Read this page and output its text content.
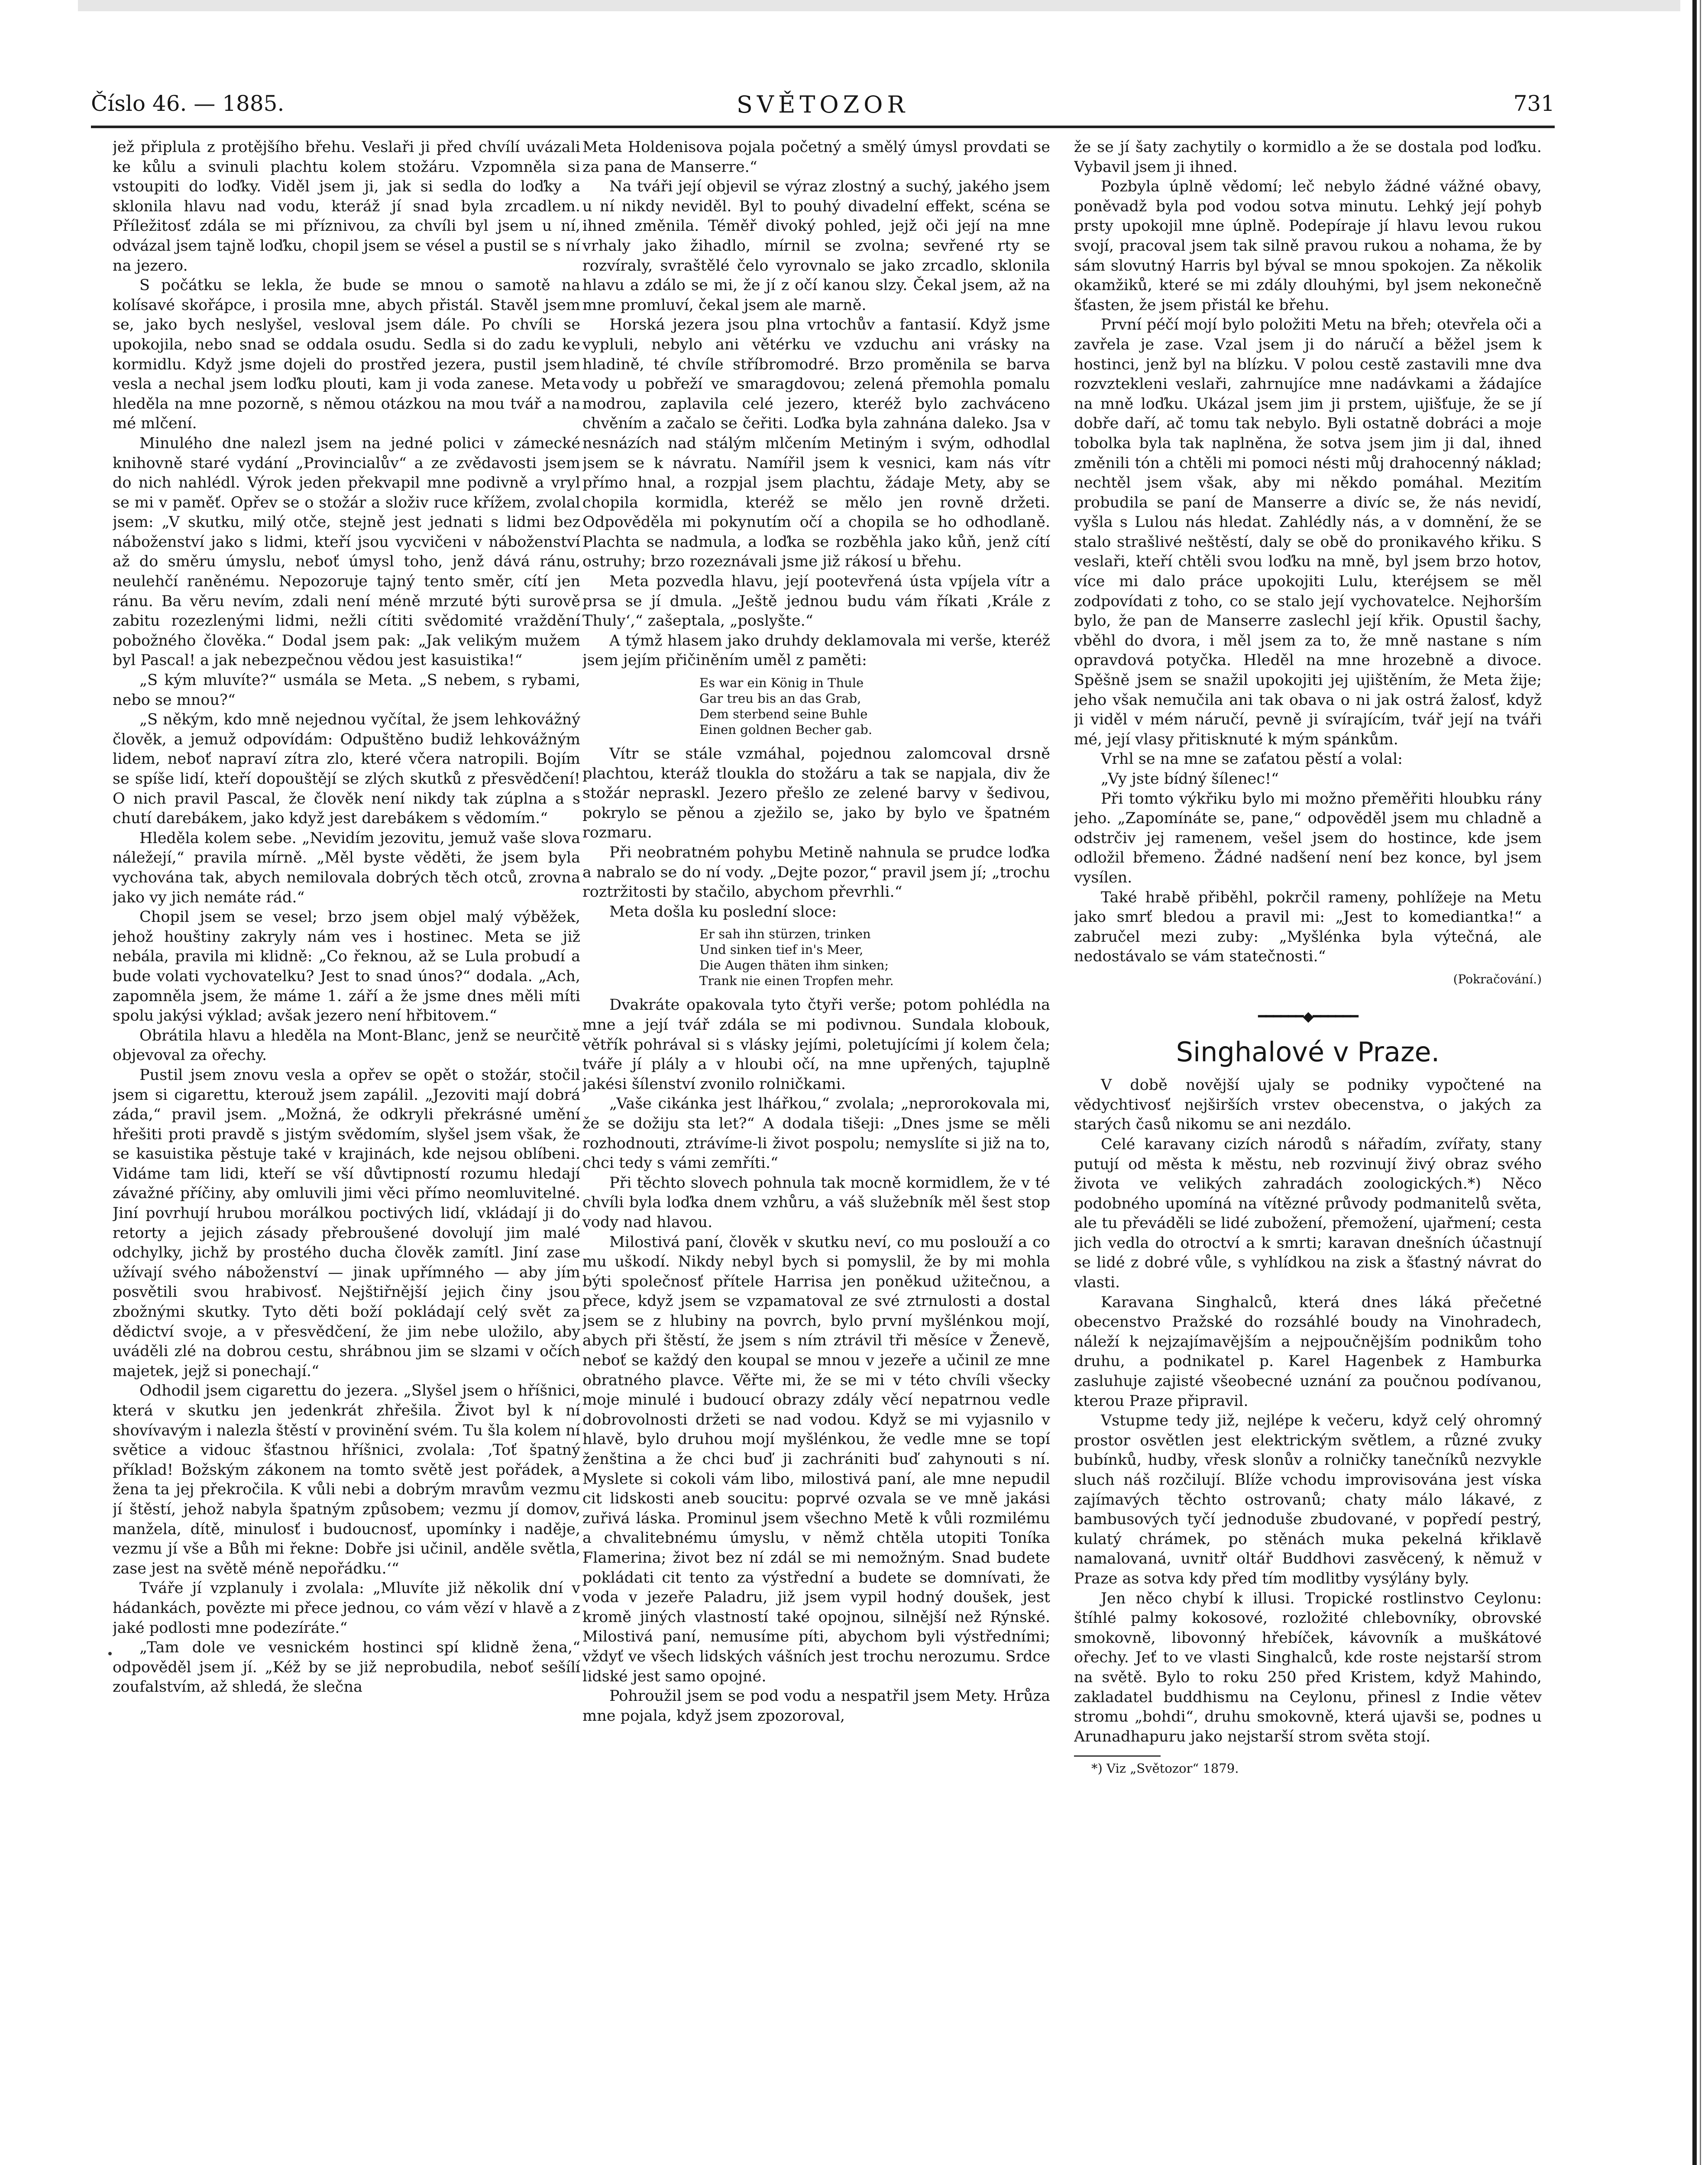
SVĚTOZOR
Číslo 46. — 1885.	731

jež připlula z protějšího břehu. Veslaři ji před chvílí uvázali ke kůlu a svinuli plachtu kolem stožáru. Vzpomněla si vstoupiti do loďky. Viděl jsem ji, jak si sedla do loďky a sklonila hlavu nad vodu, kteráž jí snad byla zrcadlem. Příležitosť zdála se mi příznivou, za chvíli byl jsem u ní, odvázal jsem tajně loďku, chopil jsem se vésel a pustil se s ní na jezero.

S počátku se lekla, že bude se mnou o samotě na kolísavé skořápce, i prosila mne, abych přistál. Stavěl jsem se, jako bych neslyšel, vesloval jsem dále. Po chvíli se upokojila, nebo snad se oddala osudu. Sedla si do zadu ke kormidlu. Když jsme dojeli do prostřed jezera, pustil jsem vesla a nechal jsem loďku plouti, kam ji voda zanese. Meta hleděla na mne pozorně, s němou otázkou na mou tvář a na mé mlčení.

Minulého dne nalezl jsem na jedné polici v zámecké knihovně staré vydání „Provincialův“ a ze zvědavosti jsem do nich nahlédl. Výrok jeden překvapil mne podivně a vryl se mi v paměť. Opřev se o stožár a složiv ruce křížem, zvolal jsem: „V skutku, milý otče, stejně jest jednati s lidmi bez náboženství jako s lidmi, kteří jsou vycvičeni v náboženství až do směru úmyslu, neboť úmysl toho, jenž dává ránu, neulehčí raněnému. Nepozoruje tajný tento směr, cítí jen ránu. Ba věru nevím, zdali není méně mrzuté býti surově zabitu rozezlenými lidmi, nežli cítiti svědomité vraždění pobožného člověka.“ Dodal jsem pak: „Jak velikým mužem byl Pascal! a jak nebezpečnou vědou jest kasuistika!“

„S kým mluvíte?“ usmála se Meta. „S nebem, s rybami, nebo se mnou?“

„S někým, kdo mně nejednou vyčítal, že jsem lehkovážný člověk, a jemuž odpovídám: Odpuštěno budiž lehkovážným lidem, neboť napraví zítra zlo, které včera natropili. Bojím se spíše lidí, kteří dopouštějí se zlých skutků z přesvědčení! O nich pravil Pascal, že člověk není nikdy tak zúplna a s chutí darebákem, jako když jest darebákem s vědomím.“

Hleděla kolem sebe. „Nevidím jezovitu, jemuž vaše slova náležejí,“ pravila mírně. „Měl byste věděti, že jsem byla vychována tak, abych nemilovala dobrých těch otců, zrovna jako vy jich nemáte rád.“

Chopil jsem se vesel; brzo jsem objel malý výběžek, jehož houštiny zakryly nám ves i hostinec. Meta se již nebála, pravila mi klidně: „Co řeknou, až se Lula probudí a bude volati vychovatelku? Jest to snad únos?“ dodala. „Ach, zapomněla jsem, že máme 1. září a že jsme dnes měli míti spolu jakýsi výklad; avšak jezero není hřbitovem.“

Obrátila hlavu a hleděla na Mont-Blanc, jenž se neurčitě objevoval za ořechy.

Pustil jsem znovu vesla a opřev se opět o stožár, stočil jsem si cigarettu, kterouž jsem zapálil. „Jezoviti mají dobrá záda,“ pravil jsem. „Možná, že odkryli překrásné umění hřešiti proti pravdě s jistým svědomím, slyšel jsem však, že se kasuistika pěstuje také v krajinách, kde nejsou oblíbeni. Vidáme tam lidi, kteří se vší důvtipností rozumu hledají závažné příčiny, aby omluvili jimi věci přímo neomluvitelné. Jiní povrhují hrubou morálkou poctivých lidí, vkládají ji do retorty a jejich zásady přebroušené dovolují jim malé odchylky, jichž by prostého ducha člověk zamítl. Jiní zase užívají svého náboženství — jinak upřímného — aby jím posvětili svou hrabivosť. Nejštiřnější jejich činy jsou zbožnými skutky. Tyto děti boží pokládají celý svět za dědictví svoje, a v přesvědčení, že jim nebe uložilo, aby uváděli zlé na dobrou cestu, shrábnou jim se slzami v očích majetek, jejž si ponechají.“

Odhodil jsem cigarettu do jezera. „Slyšel jsem o hříšnici, která v skutku jen jedenkrát zhřešila. Život byl k ní shovívavým i nalezla štěstí v provinění svém. Tu šla kolem ní světice a vidouc šťastnou hříšnici, zvolala: ‚Toť špatný příklad! Božským zákonem na tomto světě jest pořádek, a žena ta jej překročila. K vůli nebi a dobrým mravům vezmu jí štěstí, jehož nabyla špatným způsobem; vezmu jí domov, manžela, dítě, minulosť i budoucnosť, upomínky i naděje, vezmu jí vše a Bůh mi řekne: Dobře jsi učinil, anděle světla, zase jest na světě méně nepořádku.‘“

Tváře jí vzplanuly i zvolala: „Mluvíte již několik dní v hádankách, povězte mi přece jednou, co vám vězí v hlavě a z jaké podlosti mne podezíráte.“

„Tam dole ve vesnickém hostinci spí klidně žena,“ odpověděl jsem jí. „Kéž by se již neprobudila, neboť sešílí zoufalstvím, až shledá, že slečna

Meta Holdenisova pojala početný a smělý úmysl provdati se za pana de Manserre.“

Na tváři její objevil se výraz zlostný a suchý, jakého jsem u ní nikdy neviděl. Byl to pouhý divadelní effekt, scéna se ihned změnila. Téměř divoký pohled, jejž oči její na mne vrhaly jako žihadlo, mírnil se zvolna; sevřené rty se rozvíraly, svraštělé čelo vyrovnalo se jako zrcadlo, sklonila hlavu a zdálo se mi, že jí z očí kanou slzy. Čekal jsem, až na mne promluví, čekal jsem ale marně.

Horská jezera jsou plna vrtochův a fantasií. Když jsme vypluli, nebylo ani větérku ve vzduchu ani vrásky na hladině, té chvíle stříbromodré. Brzo proměnila se barva vody u pobřeží ve smaragdovou; zelená přemohla pomalu modrou, zaplavila celé jezero, kteréž bylo zachváceno chvěním a začalo se čeřiti. Loďka byla zahnána daleko. Jsa v nesnázích nad stálým mlčením Metiným i svým, odhodlal jsem se k návratu. Namířil jsem k vesnici, kam nás vítr přímo hnal, a rozpjal jsem plachtu, žádaje Mety, aby se chopila kormidla, kteréž se mělo jen rovně držeti. Odpověděla mi pokynutím očí a chopila se ho odhodlaně. Plachta se nadmula, a loďka se rozběhla jako kůň, jenž cítí ostruhy; brzo rozeznávali jsme již rákosí u břehu.

Meta pozvedla hlavu, její pootevřená ústa vpíjela vítr a prsa se jí dmula. „Ještě jednou budu vám říkati ‚Krále z Thuly‘,“ zašeptala, „poslyšte.“

A týmž hlasem jako druhdy deklamovala mi verše, kteréž jsem jejím přičiněním uměl z paměti:

Es war ein König in Thule
Gar treu bis an das Grab,
Dem sterbend seine Buhle
Einen goldnen Becher gab.

Vítr se stále vzmáhal, pojednou zalomcoval drsně plachtou, kteráž tloukla do stožáru a tak se napjala, div že stožár nepraskl. Jezero přešlo ze zelené barvy v šedivou, pokrylo se pěnou a zježilo se, jako by bylo ve špatném rozmaru.

Při neobratném pohybu Metině nahnula se prudce loďka a nabralo se do ní vody. „Dejte pozor,“ pravil jsem jí; „trochu roztržitosti by stačilo, abychom převrhli.“

Meta došla ku poslední sloce:

Er sah ihn stürzen, trinken
Und sinken tief in's Meer,
Die Augen thäten ihm sinken;
Trank nie einen Tropfen mehr.

Dvakráte opakovala tyto čtyři verše; potom pohlédla na mne a její tvář zdála se mi podivnou. Sundala klobouk, větřík pohrával si s vlásky jejími, poletujícími jí kolem čela; tváře jí plály a v hloubi očí, na mne upřených, tajuplně jakési šílenství zvonilo rolničkami.

„Vaše cikánka jest lhářkou,“ zvolala; „neprorokovala mi, že se dožiju sta let?“ A dodala tišeji: „Dnes jsme se měli rozhodnouti, ztrávíme-li život pospolu; nemyslíte si již na to, chci tedy s vámi zemříti.“

Při těchto slovech pohnula tak mocně kormidlem, že v té chvíli byla loďka dnem vzhůru, a váš služebník měl šest stop vody nad hlavou.

Milostivá paní, člověk v skutku neví, co mu poslouží a co mu uškodí. Nikdy nebyl bych si pomyslil, že by mi mohla býti společnosť přítele Harrisa jen poněkud užitečnou, a přece, když jsem se vzpamatoval ze své ztrnulosti a dostal jsem se z hlubiny na povrch, bylo první myšlénkou mojí, abych při štěstí, že jsem s ním ztrávil tři měsíce v Ženevě, neboť se každý den koupal se mnou v jezeře a učinil ze mne obratného plavce. Věřte mi, že se mi v této chvíli všecky moje minulé i budoucí obrazy zdály věcí nepatrnou vedle dobrovolnosti držeti se nad vodou. Když se mi vyjasnilo v hlavě, bylo druhou mojí myšlénkou, že vedle mne se topí ženština a že chci buď ji zachrániti buď zahynouti s ní. Myslete si cokoli vám libo, milostivá paní, ale mne nepudil cit lidskosti aneb soucitu: poprvé ozvala se ve mně jakási zuřivá láska. Prominul jsem všechno Metě k vůli rozmilému a chvalitebnému úmyslu, v němž chtěla utopiti Toníka Flamerina; život bez ní zdál se mi nemožným. Snad budete pokládati cit tento za výstřední a budete se domnívati, že voda v jezeře Paladru, již jsem vypil hodný doušek, jest kromě jiných vlastností také opojnou, silnější než Rýnské. Milostivá paní, nemusíme píti, abychom byli výstředními; vždyť ve všech lidských vášních jest trochu nerozumu. Srdce lidské jest samo opojné.

Pohroužil jsem se pod vodu a nespatřil jsem Mety. Hrůza mne pojala, když jsem zpozoroval,

že se jí šaty zachytily o kormidlo a že se dostala pod loďku. Vybavil jsem ji ihned.

Pozbyla úplně vědomí; leč nebylo žádné vážné obavy, poněvadž byla pod vodou sotva minutu. Lehký její pohyb prsty upokojil mne úplně. Podepíraje jí hlavu levou rukou svojí, pracoval jsem tak silně pravou rukou a nohama, že by sám slovutný Harris byl býval se mnou spokojen. Za několik okamžiků, které se mi zdály dlouhými, byl jsem nekonečně šťasten, že jsem přistál ke břehu.

První péčí mojí bylo položiti Metu na břeh; otevřela oči a zavřela je zase. Vzal jsem ji do náručí a běžel jsem k hostinci, jenž byl na blízku. V polou cestě zastavili mne dva rozvztekleni veslaři, zahrnujíce mne nadávkami a žádajíce na mně loďku. Ukázal jsem jim ji prstem, ujišťuje, že se jí dobře daří, ač tomu tak nebylo. Byli ostatně dobráci a moje tobolka byla tak naplněna, že sotva jsem jim ji dal, ihned změnili tón a chtěli mi pomoci nésti můj drahocenný náklad; nechtěl jsem však, aby mi někdo pomáhal. Mezitím probudila se paní de Manserre a divíc se, že nás nevidí, vyšla s Lulou nás hledat. Zahlédly nás, a v domnění, že se stalo strašlivé neštěstí, daly se obě do pronikavého křiku. S veslaři, kteří chtěli svou loďku na mně, byl jsem brzo hotov, více mi dalo práce upokojiti Lulu, kteréjsem se měl zodpovídati z toho, co se stalo její vychovatelce. Nejhorším bylo, že pan de Manserre zaslechl její křik. Opustil šachy, vběhl do dvora, i měl jsem za to, že mně nastane s ním opravdová potyčka. Hleděl na mne hrozebně a divoce. Spěšně jsem se snažil upokojiti jej ujištěním, že Meta žije; jeho však nemučila ani tak obava o ni jak ostrá žalosť, když ji viděl v mém náručí, pevně ji svírajícím, tvář její na tváři mé, její vlasy přitisknuté k mým spánkům.

Vrhl se na mne se zaťatou pěstí a volal:

„Vy jste bídný šílenec!“

Při tomto výkřiku bylo mi možno přeměřiti hloubku rány jeho. „Zapomínáte se, pane,“ odpověděl jsem mu chladně a odstrčiv jej ramenem, vešel jsem do hostince, kde jsem odložil břemeno. Žádné nadšení není bez konce, byl jsem vysílen.

Také hrabě přiběhl, pokrčil rameny, pohlížeje na Metu jako smrť bledou a pravil mi: „Jest to komediantka!“ a zabručel mezi zuby: „Myšlénka byla výtečná, ale nedostávalo se vám statečnosti.“

(Pokračování.)
━━━━━━◆━━━━━━
Singhalové v Praze.

V době novější ujaly se podniky vypočtené na vědychtivosť nejširších vrstev obecenstva, o jakých za starých časů nikomu se ani nezdálo.

Celé karavany cizích národů s nářadím, zvířaty, stany putují od města k městu, neb rozvinují živý obraz svého života ve velikých zahradách zoologických.*) Něco podobného upomíná na vítězné průvody podmanitelů světa, ale tu převáděli se lidé zubožení, přemožení, ujařmení; cesta jich vedla do otroctví a k smrti; karavan dnešních účastnují se lidé z dobré vůle, s vyhlídkou na zisk a šťastný návrat do vlasti.

Karavana Singhalců, která dnes láká přečetné obecenstvo Pražské do rozsáhlé boudy na Vinohradech, náleží k nejzajímavějším a nejpoučnějším podnikům toho druhu, a podnikatel p. Karel Hagenbek z Hamburka zasluhuje zajisté všeobecné uznání za poučnou podívanou, kterou Praze připravil.

Vstupme tedy již, nejlépe k večeru, když celý ohromný prostor osvětlen jest elektrickým světlem, a různé zvuky bubínků, hudby, vřesk slonův a rolničky tanečníků nezvykle sluch náš rozčilují. Blíže vchodu improvisována jest víska zajímavých těchto ostrovanů; chaty málo lákavé, z bambusových tyčí jednoduše zbudované, v popředí pestrý, kulatý chrámek, po stěnách muka pekelná křiklavě namalovaná, uvnitř oltář Buddhovi zasvěcený, k němuž v Praze as sotva kdy před tím modlitby vysýlány byly.

Jen něco chybí k illusi. Tropické rostlinstvo Ceylonu: štíhlé palmy kokosové, rozložité chlebovníky, obrovské smokovně, libovonný hřebíček, kávovník a muškátové ořechy. Jeť to ve vlasti Singhalců, kde roste nejstarší strom na světě. Bylo to roku 250 před Kristem, když Mahindo, zakladatel buddhismu na Ceylonu, přinesl z Indie větev stromu „bohdi“, druhu smokovně, která ujavši se, podnes u Arunadhapuru jako nejstarší strom světa stojí.

*) Viz „Světozor“ 1879.
